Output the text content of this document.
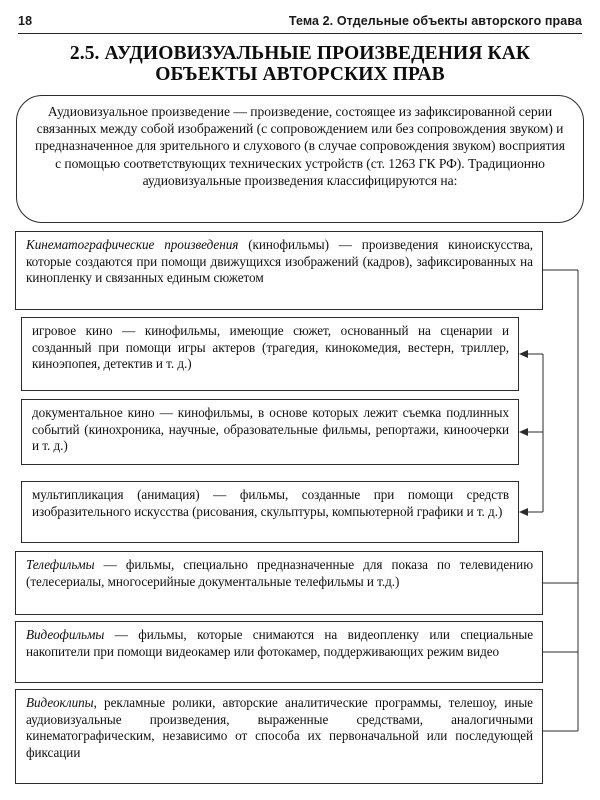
18	Тема 2. Отдельные объекты авторского права
2.5. АУДИОВИЗУАЛЬНЫЕ ПРОИЗВЕДЕНИЯ КАК ОБЪЕКТЫ АВТОРСКИХ ПРАВ
Аудиовизуальное произведение — произведение, состоящее из зафиксированной серии связанных между собой изображений (с сопровождением или без сопровождения звуком) и предназначенное для зрительного и слухового (в случае сопровождения звуком) восприятия с помощью соответствующих технических устройств (ст. 1263 ГК РФ). Традиционно аудиовизуальные произведения классифицируются на:
Кинематографические произведения (кинофильмы) — произведения киноискусства, которые создаются при помощи движущихся изображений (кадров), зафиксированных на кинопленку и связанных единым сюжетом
игровое кино — кинофильмы, имеющие сюжет, основанный на сценарии и созданный при помощи игры актеров (трагедия, кинокомедия, вестерн, триллер, киноэпопея, детектив и т. д.)
документальное кино — кинофильмы, в основе которых лежит съемка подлинных событий (кинохроника, научные, образовательные фильмы, репортажи, киноочерки и т. д.)
мультипликация (анимация) — фильмы, созданные при помощи средств изобразительного искусства (рисования, скульптуры, компьютерной графики и т. д.)
Телефильмы — фильмы, специально предназначенные для показа по телевидению (телесериалы, многосерийные документальные телефильмы и т.д.)
Видеофильмы — фильмы, которые снимаются на видеопленку или специальные накопители при помощи видеокамер или фотокамер, поддерживающих режим видео
Видеоклипы, рекламные ролики, авторские аналитические программы, телешоу, иные аудиовизуальные произведения, выраженные средствами, аналогичными кинематографическим, независимо от способа их первоначальной или последующей фиксации
